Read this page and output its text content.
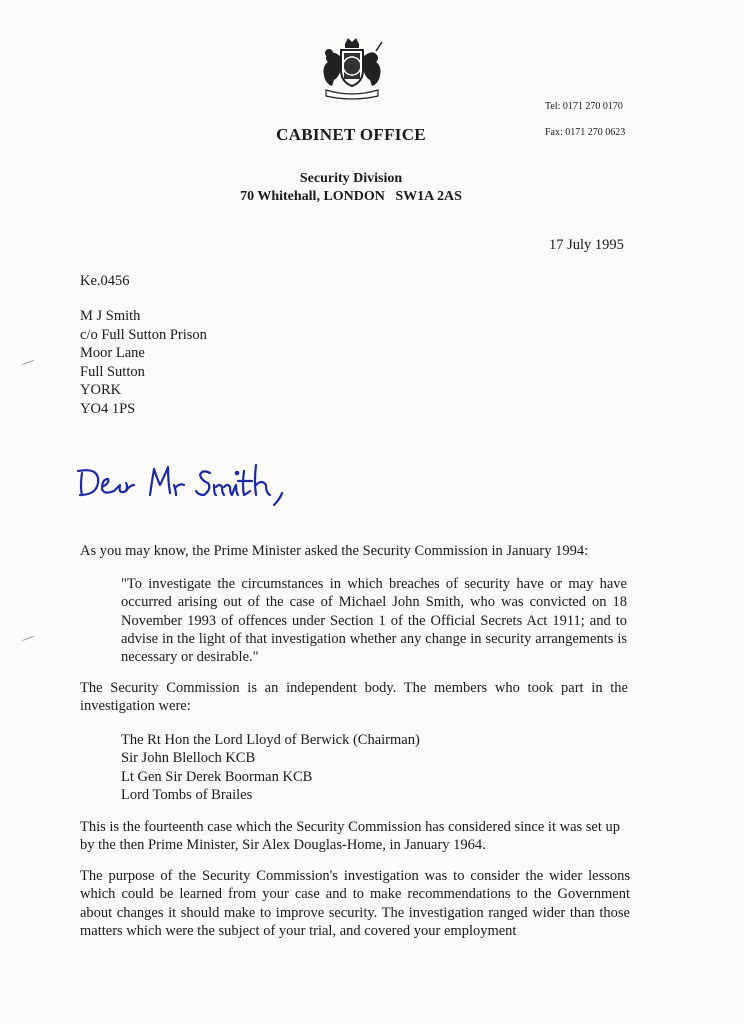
CABINET OFFICE
Tel: 0171 270 0170
Fax: 0171 270 0623
Security Division
70 Whitehall, LONDON   SW1A 2AS
17 July 1995
Ke.0456
M J Smith
c/o Full Sutton Prison
Moor Lane
Full Sutton
YORK
YO4 1PS
As you may know, the Prime Minister asked the Security Commission in January 1994:
"To investigate the circumstances in which breaches of security have or may have occurred arising out of the case of Michael John Smith, who was convicted on 18 November 1993 of offences under Section 1 of the Official Secrets Act 1911; and to advise in the light of that investigation whether any change in security arrangements is necessary or desirable."
The Security Commission is an independent body. The members who took part in the investigation were:
The Rt Hon the Lord Lloyd of Berwick (Chairman)
Sir John Blelloch KCB
Lt Gen Sir Derek Boorman KCB
Lord Tombs of Brailes
This is the fourteenth case which the Security Commission has considered since it was set up by the then Prime Minister, Sir Alex Douglas-Home, in January 1964.
The purpose of the Security Commission's investigation was to consider the wider lessons which could be learned from your case and to make recommendations to the Government about changes it should make to improve security. The investigation ranged wider than those matters which were the subject of your trial, and covered your employment
